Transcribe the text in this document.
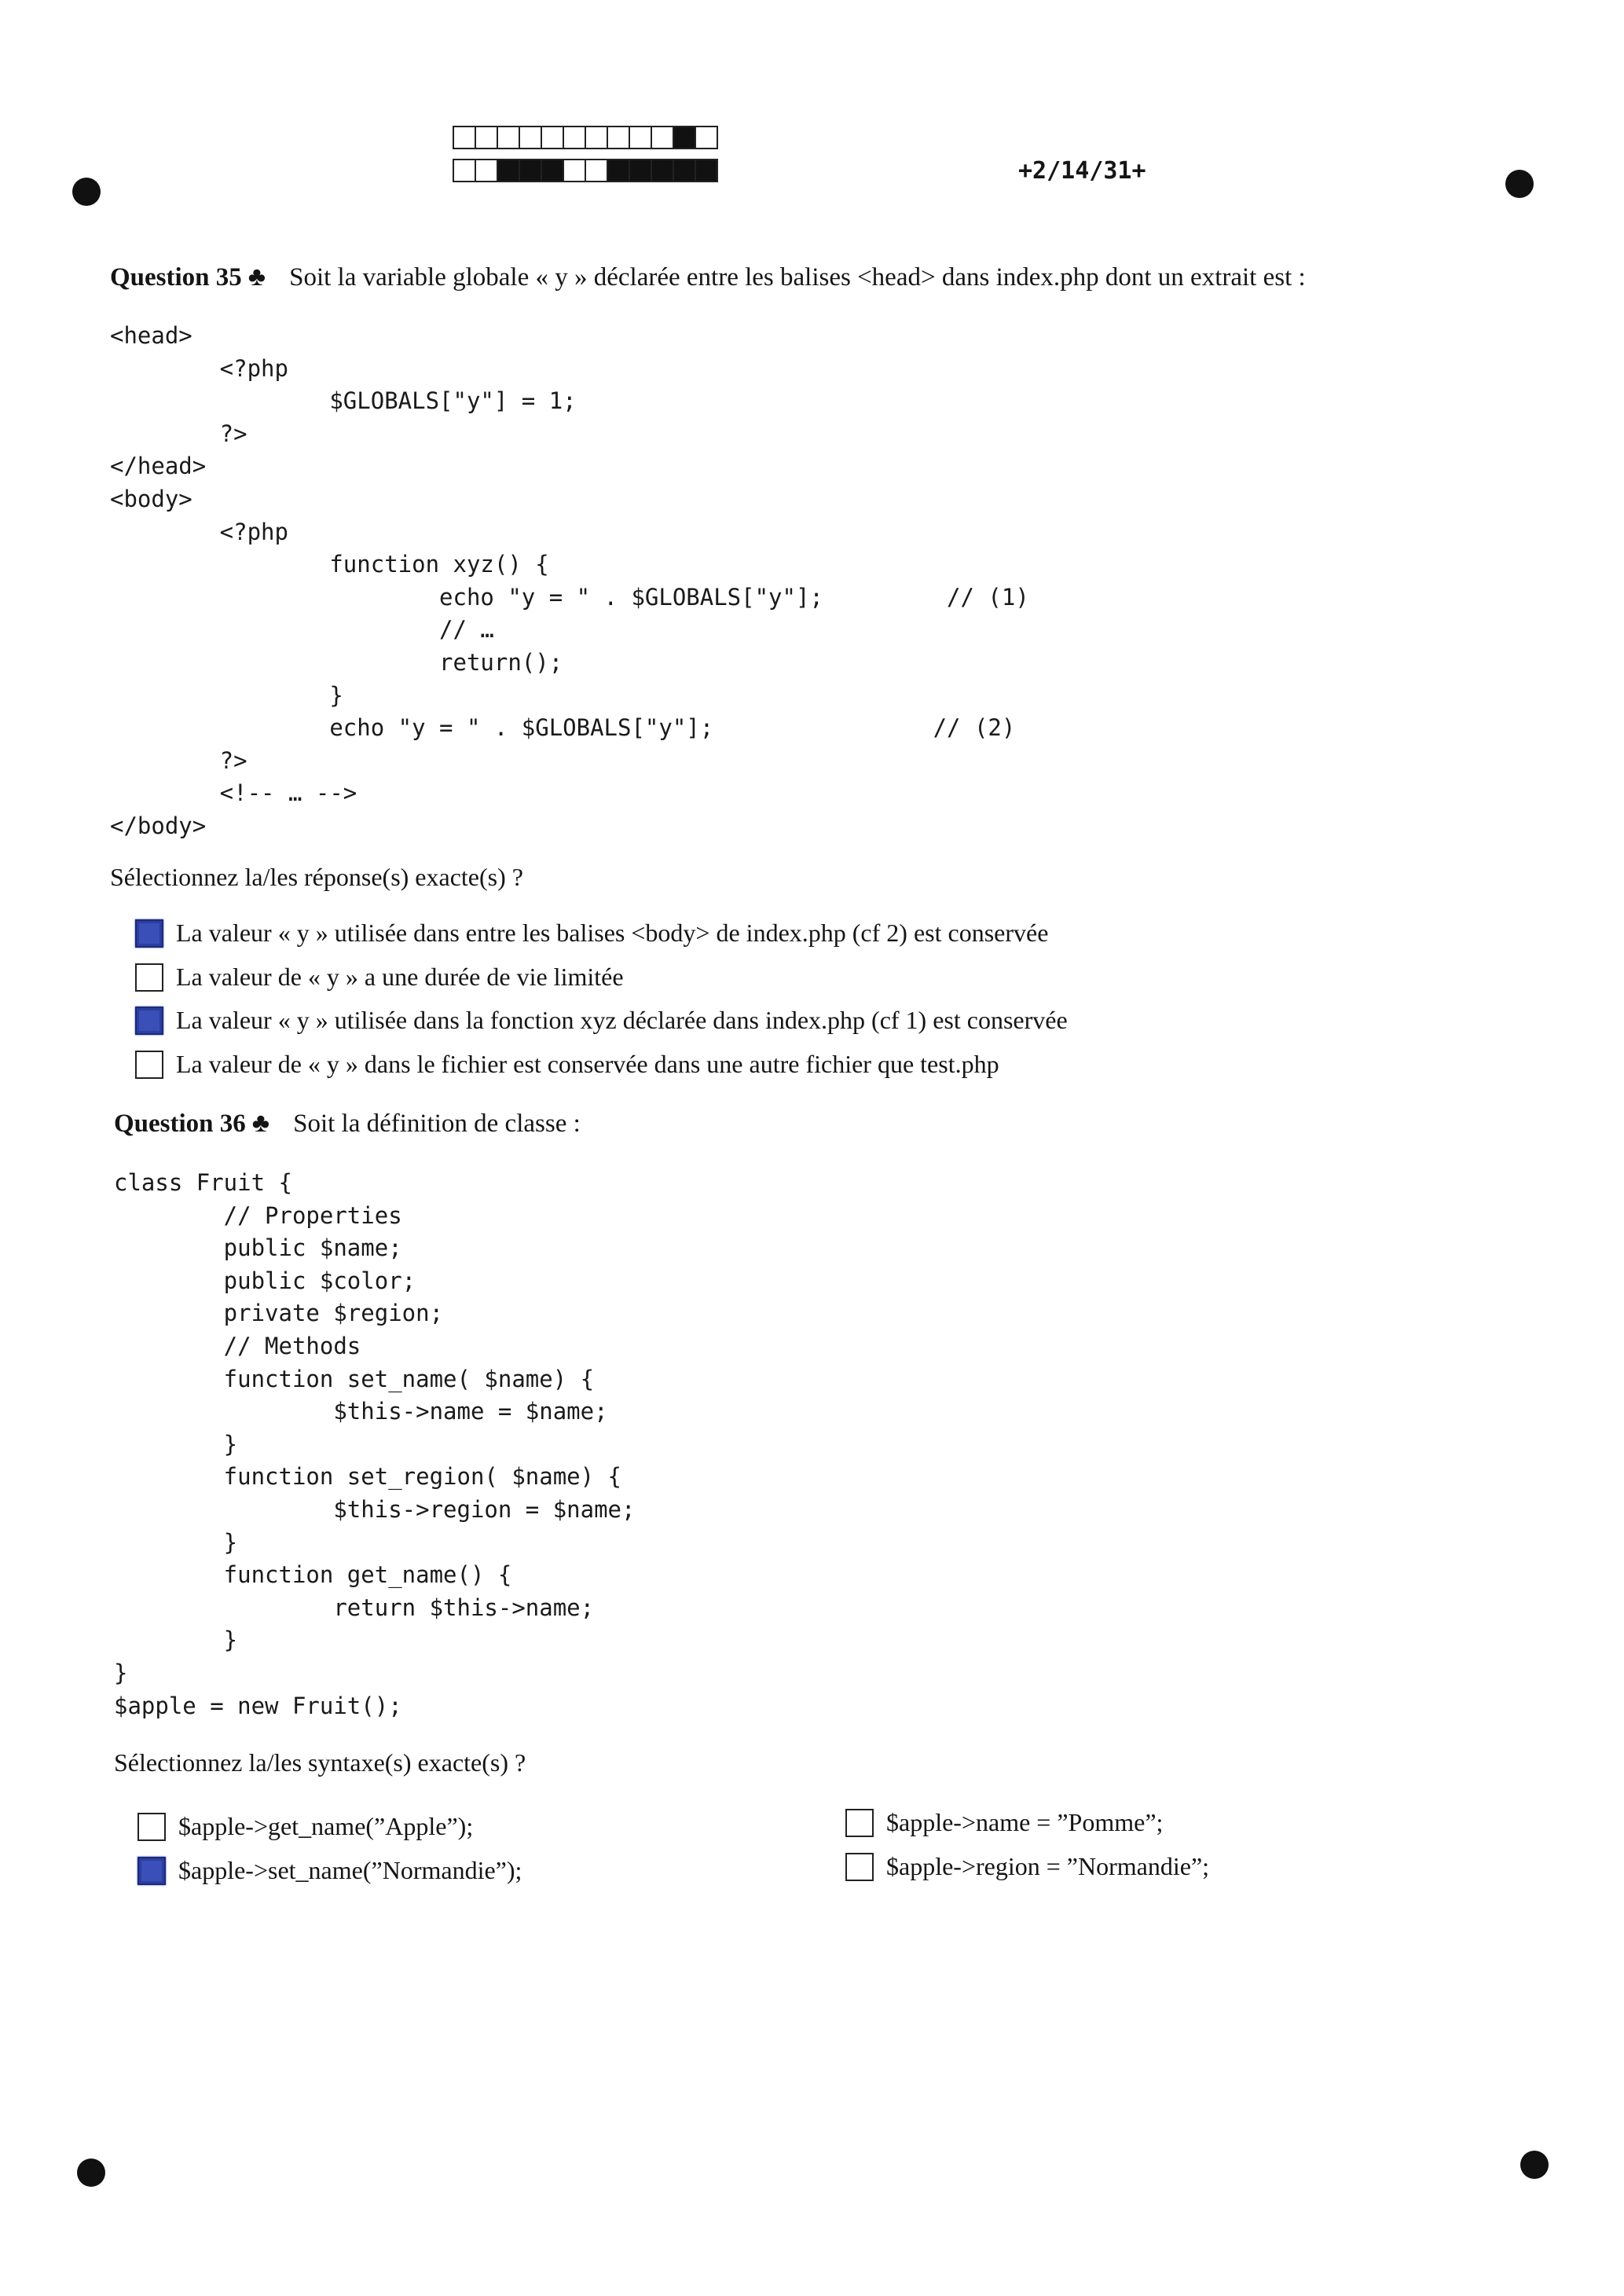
+2/14/31+
Question 35 ♣ Soit la variable globale « y » déclarée entre les balises <head> dans index.php dont un extrait est :
<head>
<?php
$GLOBALS["y"] = 1;
?>
</head>
<body>
<?php
function xyz() {
echo "y = " . $GLOBALS["y"];         // (1)
// …
return();
}
echo "y = " . $GLOBALS["y"];                // (2)
?>
<!-- … -->
</body>
Sélectionnez la/les réponse(s) exacte(s) ?
La valeur « y » utilisée dans entre les balises <body> de index.php (cf 2) est conservée
La valeur de « y » a une durée de vie limitée
La valeur « y » utilisée dans la fonction xyz déclarée dans index.php (cf 1) est conservée
La valeur de « y » dans le fichier est conservée dans une autre fichier que test.php
Question 36 ♣ Soit la définition de classe :
class Fruit {
// Properties
public $name;
public $color;
private $region;
// Methods
function set_name( $name) {
$this->name = $name;
}
function set_region( $name) {
$this->region = $name;
}
function get_name() {
return $this->name;
}
}
$apple = new Fruit();
Sélectionnez la/les syntaxe(s) exacte(s) ?
$apple->get_name(”Apple”);
$apple->set_name(”Normandie”);
$apple->name = ”Pomme”;
$apple->region = ”Normandie”;
